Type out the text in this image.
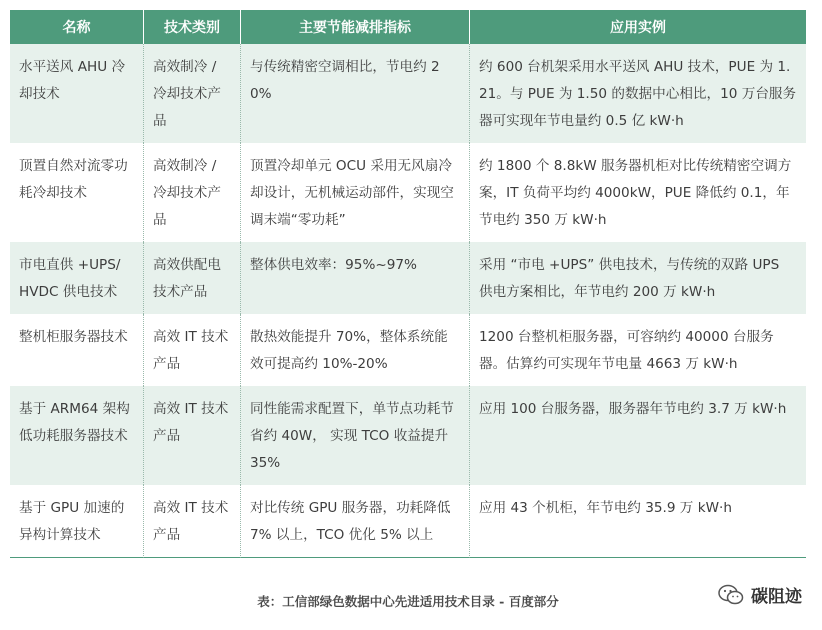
名称	技术类别	主要节能减排指标	应用实例
水平送风 AHU 冷却技术	高效制冷 / 冷却技术产品	与传统精密空调相比，节电约 20%	约 600 台机架采用水平送风 AHU 技术，PUE 为 1.21。与 PUE 为 1.50 的数据中心相比，10 万台服务器可实现年节电量约 0.5 亿 kW·h
顶置自然对流零功耗冷却技术	高效制冷 / 冷却技术产品	顶置冷却单元 OCU 采用无风扇冷却设计，无机械运动部件，实现空调末端“零功耗”	约 1800 个 8.8kW 服务器机柜对比传统精密空调方案，IT 负荷平均约 4000kW，PUE 降低约 0.1，年节电约 350 万 kW·h
市电直供 +UPS/ HVDC 供电技术	高效供配电技术产品	整体供电效率：95%~97%	采用 “市电 +UPS” 供电技术，与传统的双路 UPS 供电方案相比，年节电约 200 万 kW·h
整机柜服务器技术	高效 IT 技术产品	散热效能提升 70%，整体系统能效可提高约 10%-20%	1200 台整机柜服务器，可容纳约 40000 台服务器。估算约可实现年节电量 4663 万 kW·h
基于 ARM64 架构低功耗服务器技术	高效 IT 技术产品	同性能需求配置下，单节点功耗节省约 40W， 实现 TCO 收益提升 35%	应用 100 台服务器，服务器年节电约 3.7 万 kW·h
基于 GPU 加速的异构计算技术	高效 IT 技术产品	对比传统 GPU 服务器，功耗降低 7% 以上，TCO 优化 5% 以上	应用 43 个机柜，年节电约 35.9 万 kW·h
表：工信部绿色数据中心先进适用技术目录 - 百度部分	碳阻迹
